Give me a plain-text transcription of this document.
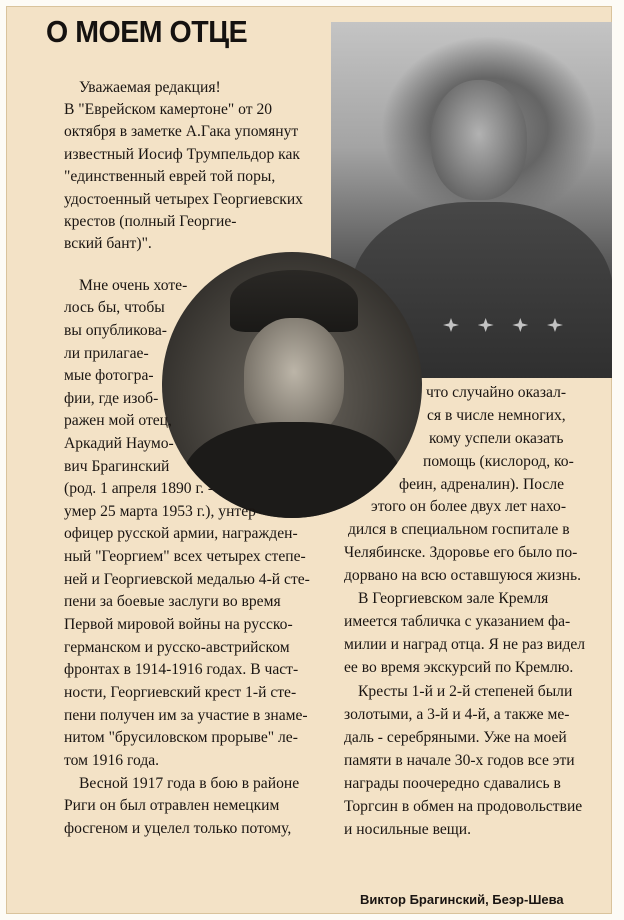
О МОЕМ ОТЦЕ
Уважаемая редакция!
В "Еврейском камертоне" от 20
октября в заметке А.Гака упомянут
известный Иосиф Трумпельдор как
"единственный еврей той поры,
удостоенный четырех Георгиевских
крестов (полный Георгие-
вский бант)".
Мне очень хоте-
лось бы, чтобы
вы опубликова-
ли прилагае-
мые фотогра-
фии, где изоб-
ражен мой отец,
Аркадий Наумо-
вич Брагинский
(род. 1 апреля 1890 г. -
умер 25 марта 1953 г.), унтер-
офицер русской армии, награжден-
ный "Георгием" всех четырех степе-
ней и Георгиевской медалью 4-й сте-
пени за боевые заслуги во время
Первой мировой войны на русско-
германском и русско-австрийском
фронтах в 1914-1916 годах. В част-
ности, Георгиевский крест 1-й сте-
пени получен им за участие в знаме-
нитом "брусиловском прорыве" ле-
том 1916 года.
Весной 1917 года в бою в районе
Риги он был отравлен немецким
фосгеном и уцелел только потому,
что случайно оказал-
ся в числе немногих,
кому успели оказать
помощь (кислород, ко-
феин, адреналин). После
этого он более двух лет нахо-
дился в специальном госпитале в
Челябинске. Здоровье его было по-
дорвано на всю оставшуюся жизнь.
В Георгиевском зале Кремля
имеется табличка с указанием фа-
милии и наград отца. Я не раз видел
ее во время экскурсий по Кремлю.
Кресты 1-й и 2-й степеней были
золотыми, а 3-й и 4-й, а также ме-
даль - серебряными. Уже на моей
памяти в начале 30-х годов все эти
награды поочередно сдавались в
Торгсин в обмен на продовольствие
и носильные вещи.
Виктор Брагинский, Беэр-Шева
